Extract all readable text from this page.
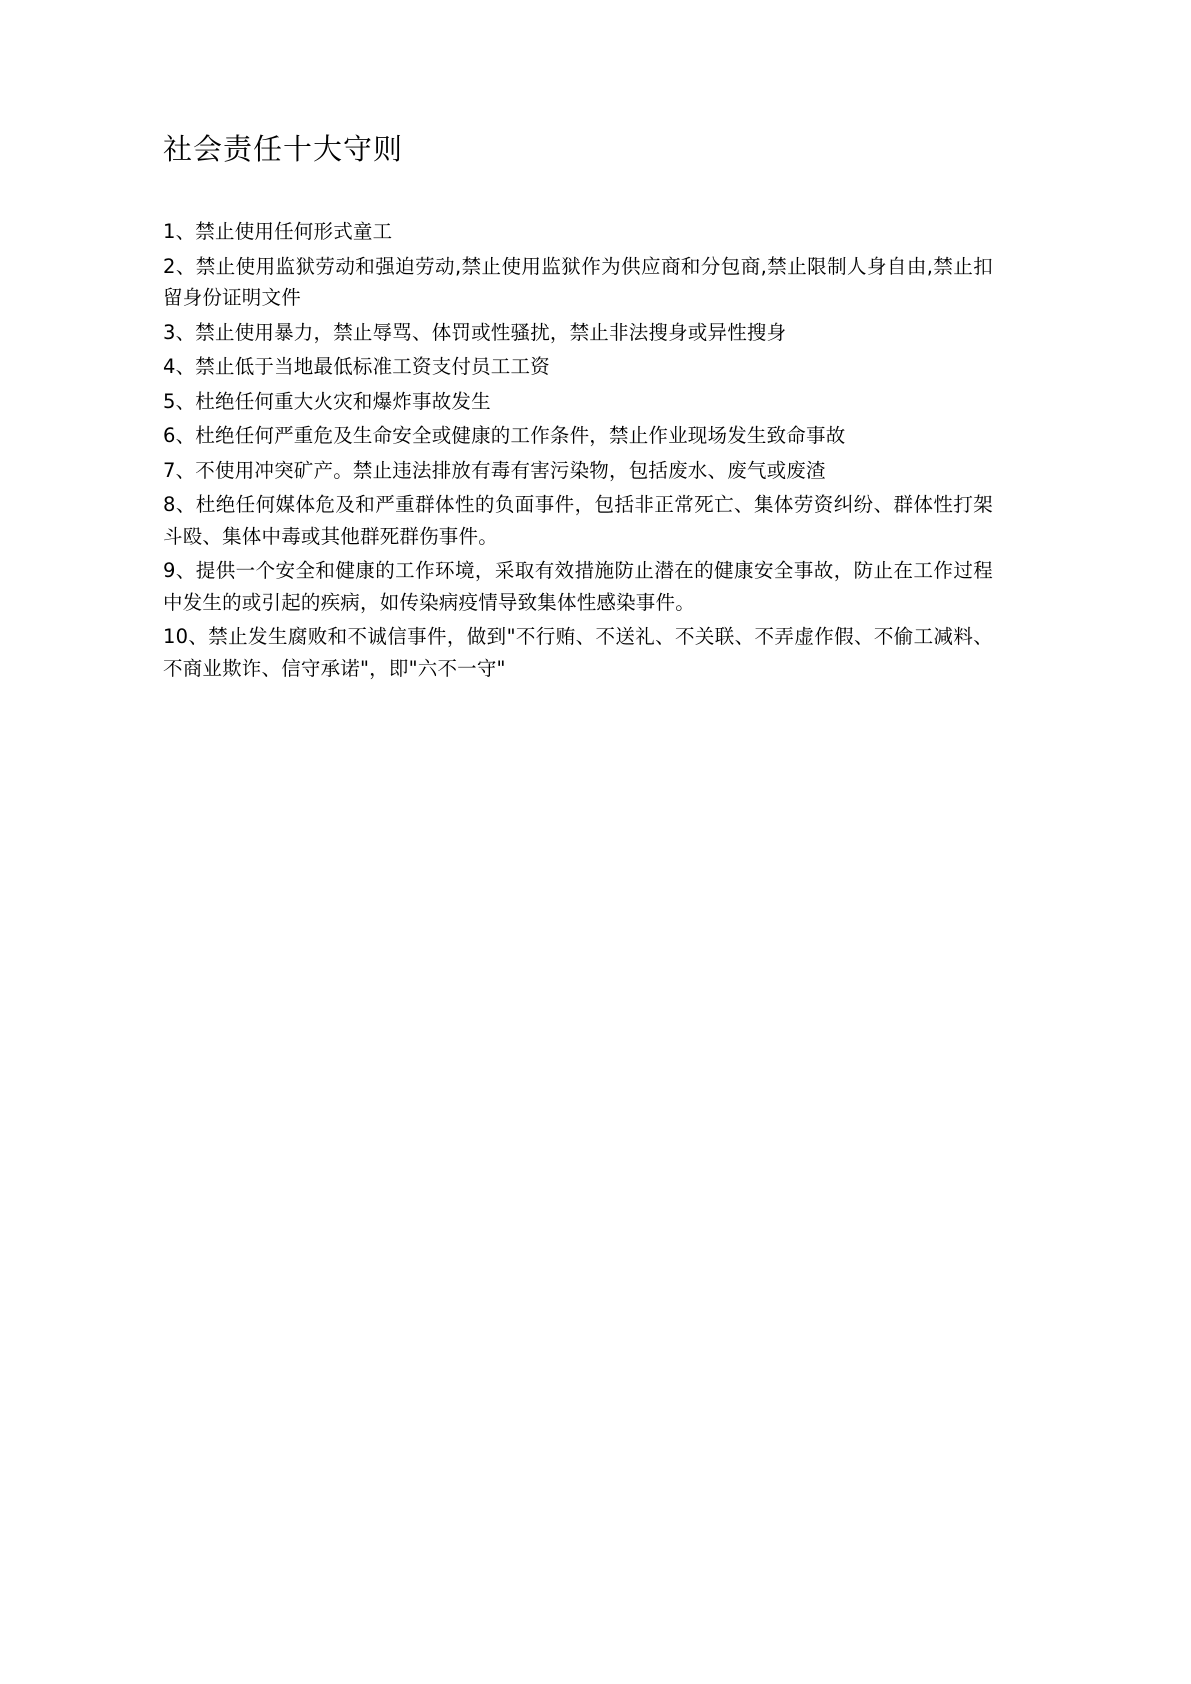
社会责任十大守则
1、禁止使用任何形式童工
2、禁止使用监狱劳动和强迫劳动,禁止使用监狱作为供应商和分包商,禁止限制人身自由,禁止扣留身份证明文件
3、禁止使用暴力，禁止辱骂、体罚或性骚扰，禁止非法搜身或异性搜身
4、禁止低于当地最低标准工资支付员工工资
5、杜绝任何重大火灾和爆炸事故发生
6、杜绝任何严重危及生命安全或健康的工作条件，禁止作业现场发生致命事故
7、不使用冲突矿产。禁止违法排放有毒有害污染物，包括废水、废气或废渣
8、杜绝任何媒体危及和严重群体性的负面事件，包括非正常死亡、集体劳资纠纷、群体性打架斗殴、集体中毒或其他群死群伤事件。
9、提供一个安全和健康的工作环境，采取有效措施防止潜在的健康安全事故，防止在工作过程中发生的或引起的疾病，如传染病疫情导致集体性感染事件。
10、禁止发生腐败和不诚信事件，做到"不行贿、不送礼、不关联、不弄虚作假、不偷工减料、不商业欺诈、信守承诺"，即"六不一守"
